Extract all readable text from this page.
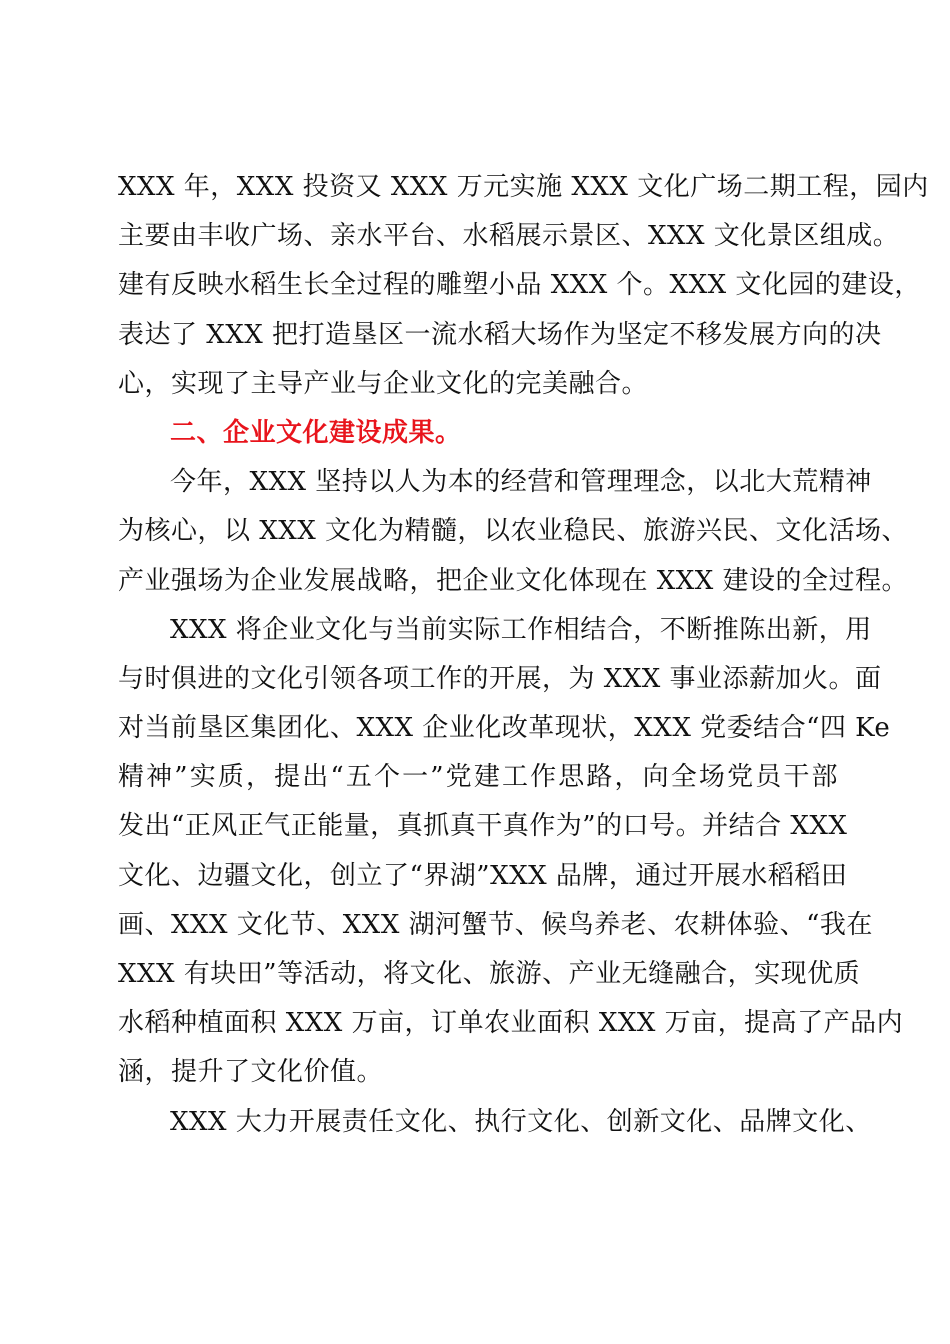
XXX 年，XXX 投资又 XXX 万元实施 XXX 文化广场二期工程，园内
主要由丰收广场、亲水平台、水稻展示景区、XXX 文化景区组成。
建有反映水稻生长全过程的雕塑小品 XXX 个。XXX 文化园的建设，
表达了 XXX 把打造垦区一流水稻大场作为坚定不移发展方向的决
心，实现了主导产业与企业文化的完美融合。
二、企业文化建设成果。
今年，XXX 坚持以人为本的经营和管理理念，以北大荒精神
为核心，以 XXX 文化为精髓，以农业稳民、旅游兴民、文化活场、
产业强场为企业发展战略，把企业文化体现在 XXX 建设的全过程。
XXX 将企业文化与当前实际工作相结合，不断推陈出新，用
与时俱进的文化引领各项工作的开展，为 XXX 事业添薪加火。面
对当前垦区集团化、XXX 企业化改革现状，XXX 党委结合“四 Ke
精神”实质，提出“五个一”党建工作思路，向全场党员干部
发出“正风正气正能量，真抓真干真作为”的口号。并结合 XXX
文化、边疆文化，创立了“界湖”XXX 品牌，通过开展水稻稻田
画、XXX 文化节、XXX 湖河蟹节、候鸟养老、农耕体验、“我在
XXX 有块田”等活动，将文化、旅游、产业无缝融合，实现优质
水稻种植面积 XXX 万亩，订单农业面积 XXX 万亩，提高了产品内
涵，提升了文化价值。
XXX 大力开展责任文化、执行文化、创新文化、品牌文化、
